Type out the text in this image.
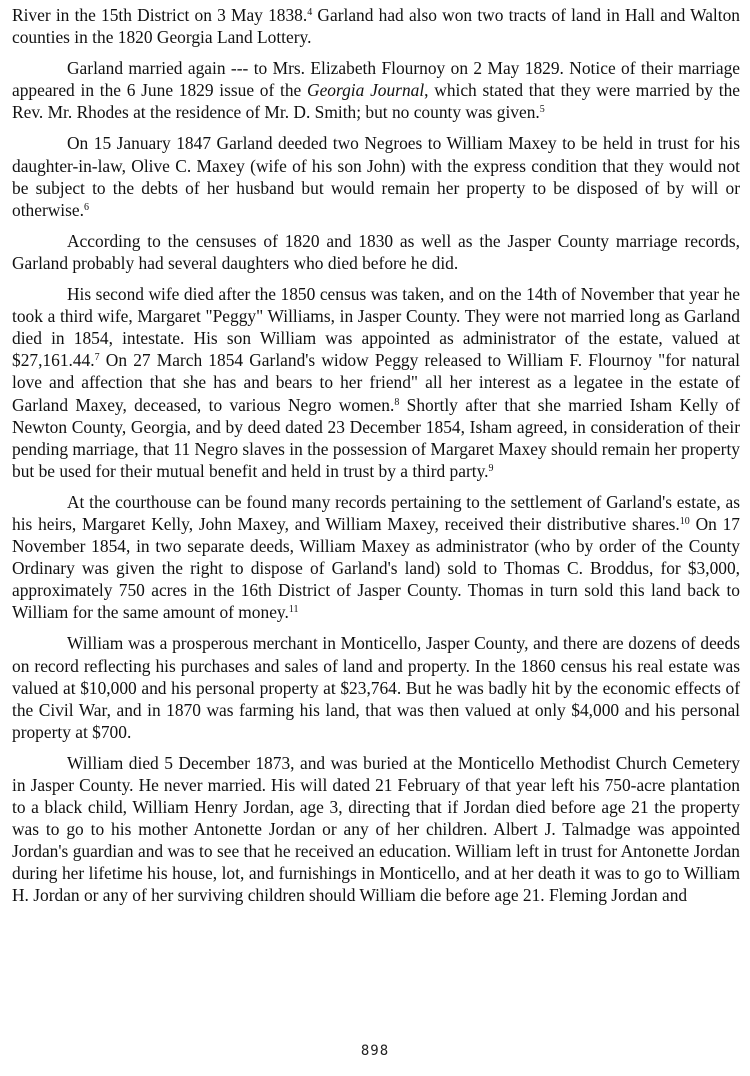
River in the 15th District on 3 May 1838.$^4$ Garland had also won two tracts of land in Hall and Walton counties in the 1820 Georgia Land Lottery.

Garland married again --- to Mrs. Elizabeth Flournoy on 2 May 1829. Notice of their marriage appeared in the 6 June 1829 issue of the Georgia Journal, which stated that they were married by the Rev. Mr. Rhodes at the residence of Mr. D. Smith; but no county was given.$^5$

On 15 January 1847 Garland deeded two Negroes to William Maxey to be held in trust for his daughter-in-law, Olive C. Maxey (wife of his son John) with the express condition that they would not be subject to the debts of her husband but would remain her property to be disposed of by will or otherwise.$^6$

According to the censuses of 1820 and 1830 as well as the Jasper County marriage records, Garland probably had several daughters who died before he did.

His second wife died after the 1850 census was taken, and on the 14th of November that year he took a third wife, Margaret "Peggy" Williams, in Jasper County. They were not married long as Garland died in 1854, intestate. His son William was appointed as administrator of the estate, valued at $27,161.44.$^7$ On 27 March 1854 Garland's widow Peggy released to William F. Flournoy "for natural love and affection that she has and bears to her friend" all her interest as a legatee in the estate of Garland Maxey, deceased, to various Negro women.$^8$ Shortly after that she married Isham Kelly of Newton County, Georgia, and by deed dated 23 December 1854, Isham agreed, in consideration of their pending marriage, that 11 Negro slaves in the possession of Margaret Maxey should remain her property but be used for their mutual benefit and held in trust by a third party.$^9$

At the courthouse can be found many records pertaining to the settlement of Garland's estate, as his heirs, Margaret Kelly, John Maxey, and William Maxey, received their distributive shares.$^{10}$ On 17 November 1854, in two separate deeds, William Maxey as administrator (who by order of the County Ordinary was given the right to dispose of Garland's land) sold to Thomas C. Broddus, for $3,000, approximately 750 acres in the 16th District of Jasper County. Thomas in turn sold this land back to William for the same amount of money.$^{11}$

William was a prosperous merchant in Monticello, Jasper County, and there are dozens of deeds on record reflecting his purchases and sales of land and property. In the 1860 census his real estate was valued at $10,000 and his personal property at $23,764. But he was badly hit by the economic effects of the Civil War, and in 1870 was farming his land, that was then valued at only $4,000 and his personal property at $700.

William died 5 December 1873, and was buried at the Monticello Methodist Church Cemetery in Jasper County. He never married. His will dated 21 February of that year left his 750-acre plantation to a black child, William Henry Jordan, age 3, directing that if Jordan died before age 21 the property was to go to his mother Antonette Jordan or any of her children. Albert J. Talmadge was appointed Jordan's guardian and was to see that he received an education. William left in trust for Antonette Jordan during her lifetime his house, lot, and furnishings in Monticello, and at her death it was to go to William H. Jordan or any of her surviving children should William die before age 21. Fleming Jordan and

898
